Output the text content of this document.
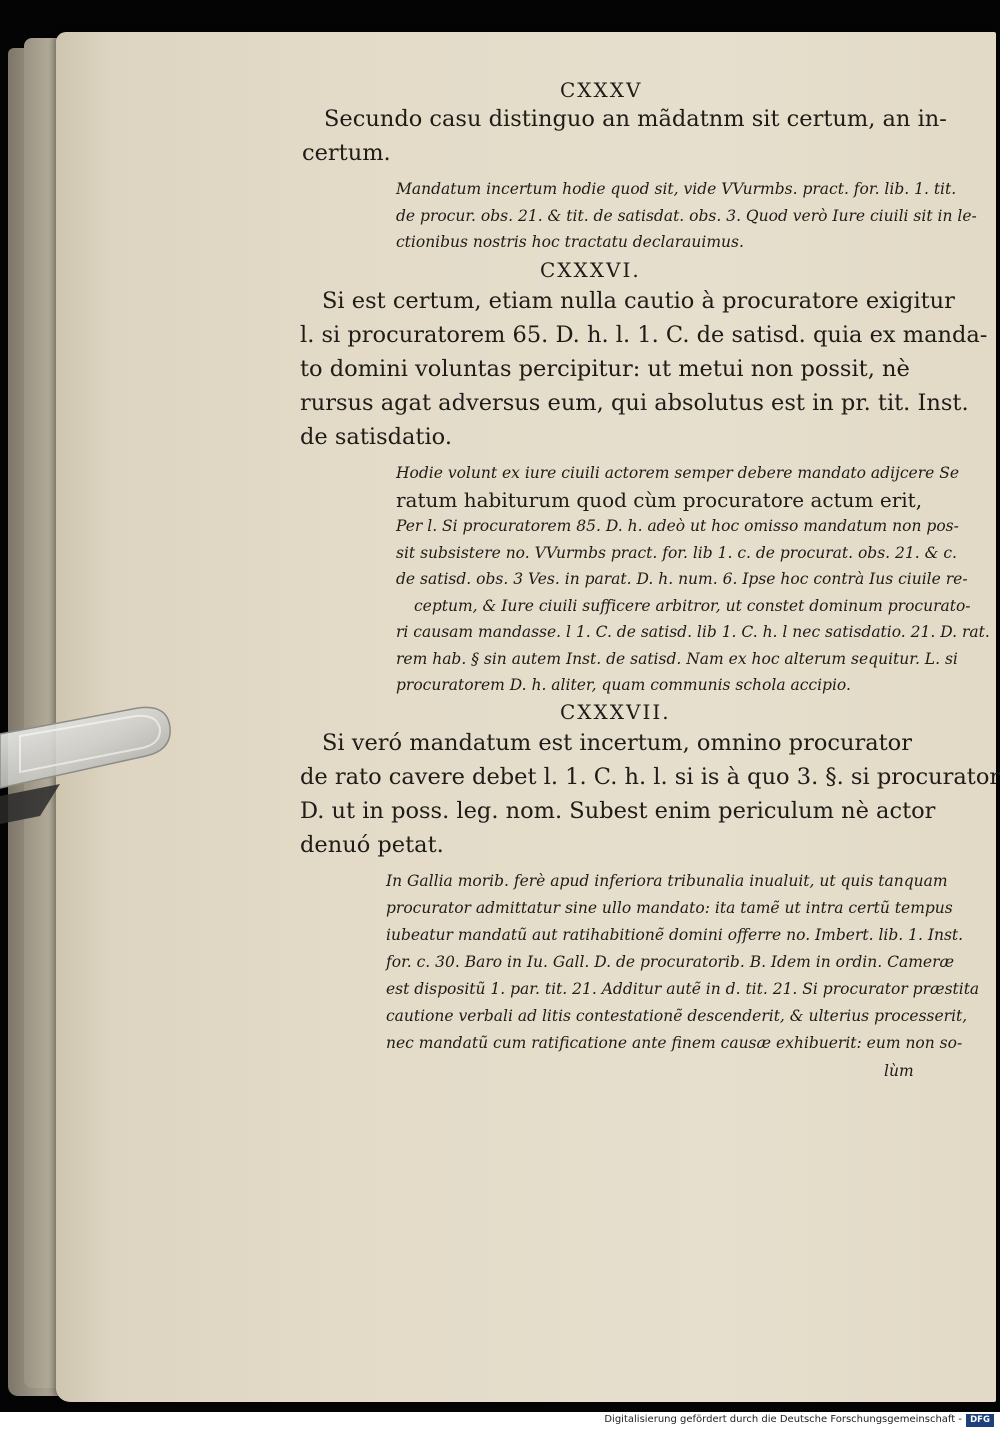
CXXXV
Secundo casu distinguo an mãdatnm sit certum, an in-
certum.
Mandatum incertum hodie quod sit, vide VVurmbs. pract. for. lib. 1. tit.
de procur. obs. 21. & tit. de satisdat. obs. 3. Quod verò Iure ciuili sit in le-
ctionibus nostris hoc tractatu declarauimus.
CXXXVI.
Si est certum, etiam nulla cautio à procuratore exigitur
l. si procuratorem 65. D. h. l. 1. C. de satisd. quia ex manda-
to domini voluntas percipitur: ut metui non possit, nè
rursus agat adversus eum, qui absolutus est in pr. tit. Inst.
de satisdatio.
Hodie volunt ex iure ciuili actorem semper debere mandato adijcere Se
ratum habiturum quod cùm procuratore actum erit,
Per l. Si procuratorem 85. D. h. adeò ut hoc omisso mandatum non pos-
sit subsistere no. VVurmbs pract. for. lib 1. c. de procurat. obs. 21. & c.
de satisd. obs. 3 Ves. in parat. D. h. num. 6. Ipse hoc contrà Ius ciuile re-
ceptum, & Iure ciuili sufficere arbitror, ut constet dominum procurato-
ri causam mandasse. l 1. C. de satisd. lib 1. C. h. l nec satisdatio. 21. D. rat.
rem hab. § sin autem Inst. de satisd. Nam ex hoc alterum sequitur. L. si
procuratorem D. h. aliter, quam communis schola accipio.
CXXXVII.
Si veró mandatum est incertum, omnino procurator
de rato cavere debet l. 1. C. h. l. si is à quo 3. §. si procurator
D. ut in poss. leg. nom. Subest enim periculum nè actor
denuó petat.
In Gallia morib. ferè apud inferiora tribunalia inualuit, ut quis tanquam
procurator admittatur sine ullo mandato: ita tamẽ ut intra certũ tempus
iubeatur mandatũ aut ratihabitionẽ domini offerre no. Imbert. lib. 1. Inst.
for. c. 30. Baro in Iu. Gall. D. de procuratorib. B. Idem in ordin. Cameræ
est dispositũ 1. par. tit. 21. Additur autẽ in d. tit. 21. Si procurator præstita
cautione verbali ad litis contestationẽ descenderit, & ulterius processerit,
nec mandatũ cum ratificatione ante finem causæ exhibuerit: eum non so-
lùm
Digitalisierung gefördert durch die Deutsche Forschungsgemeinschaft - DFG
